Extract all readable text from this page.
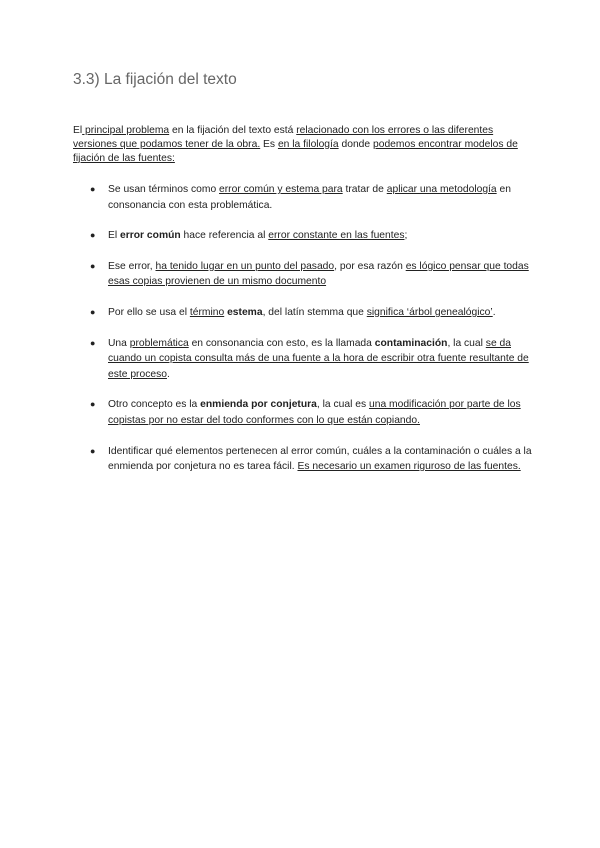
3.3) La fijación del texto

El principal problema en la fijación del texto está relacionado con los errores o las diferentes versiones que podamos tener de la obra. Es en la filología donde podemos encontrar modelos de fijación de las fuentes:

● Se usan términos como error común y estema para tratar de aplicar una metodología en consonancia con esta problemática.
● El error común hace referencia al error constante en las fuentes;
● Ese error, ha tenido lugar en un punto del pasado, por esa razón es lógico pensar que todas esas copias provienen de un mismo documento
● Por ello se usa el término estema, del latín stemma que significa ‘árbol genealógico’.
● Una problemática en consonancia con esto, es la llamada contaminación, la cual se da cuando un copista consulta más de una fuente a la hora de escribir otra fuente resultante de este proceso.
● Otro concepto es la enmienda por conjetura, la cual es una modificación por parte de los copistas por no estar del todo conformes con lo que están copiando.
● Identificar qué elementos pertenecen al error común, cuáles a la contaminación o cuáles a la enmienda por conjetura no es tarea fácil. Es necesario un examen riguroso de las fuentes.
